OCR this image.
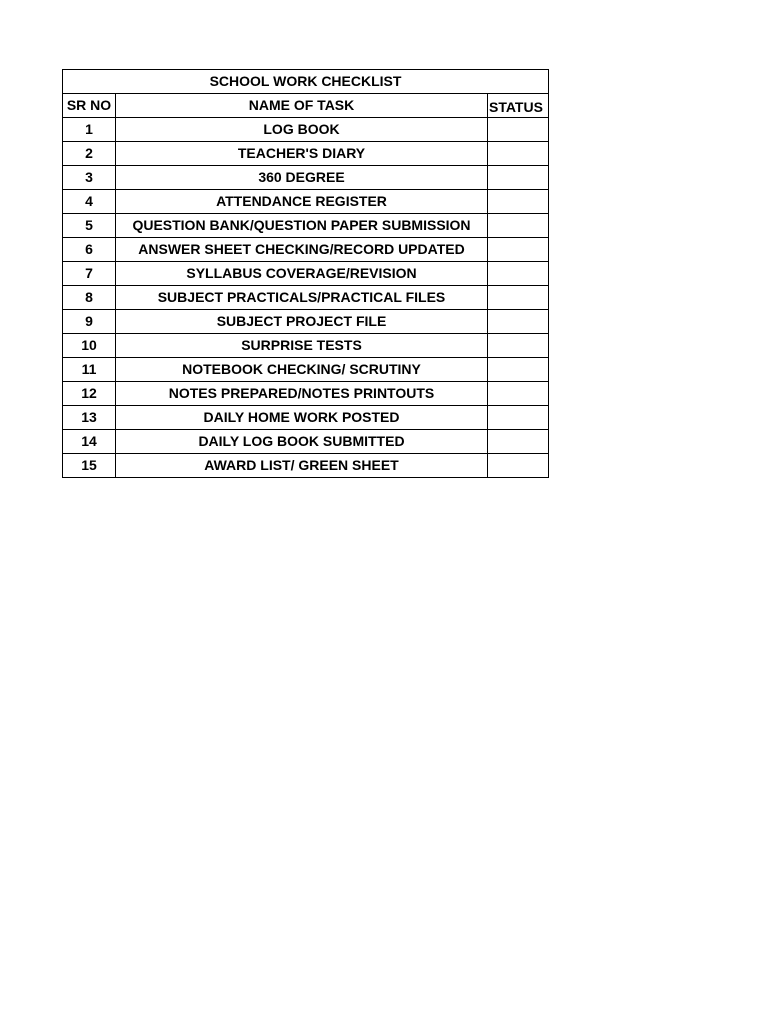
SCHOOL WORK CHECKLIST		
SR NO	NAME OF TASK	STATUS
1	LOG BOOK	
2	TEACHER'S DIARY	
3	360 DEGREE	
4	ATTENDANCE REGISTER	
5	QUESTION BANK/QUESTION PAPER SUBMISSION	
6	ANSWER SHEET CHECKING/RECORD UPDATED	
7	SYLLABUS COVERAGE/REVISION	
8	SUBJECT PRACTICALS/PRACTICAL FILES	
9	SUBJECT PROJECT FILE	
10	SURPRISE TESTS	
11	NOTEBOOK CHECKING/ SCRUTINY	
12	NOTES PREPARED/NOTES PRINTOUTS	
13	DAILY HOME WORK POSTED	
14	DAILY LOG BOOK SUBMITTED	
15	AWARD LIST/ GREEN SHEET	
